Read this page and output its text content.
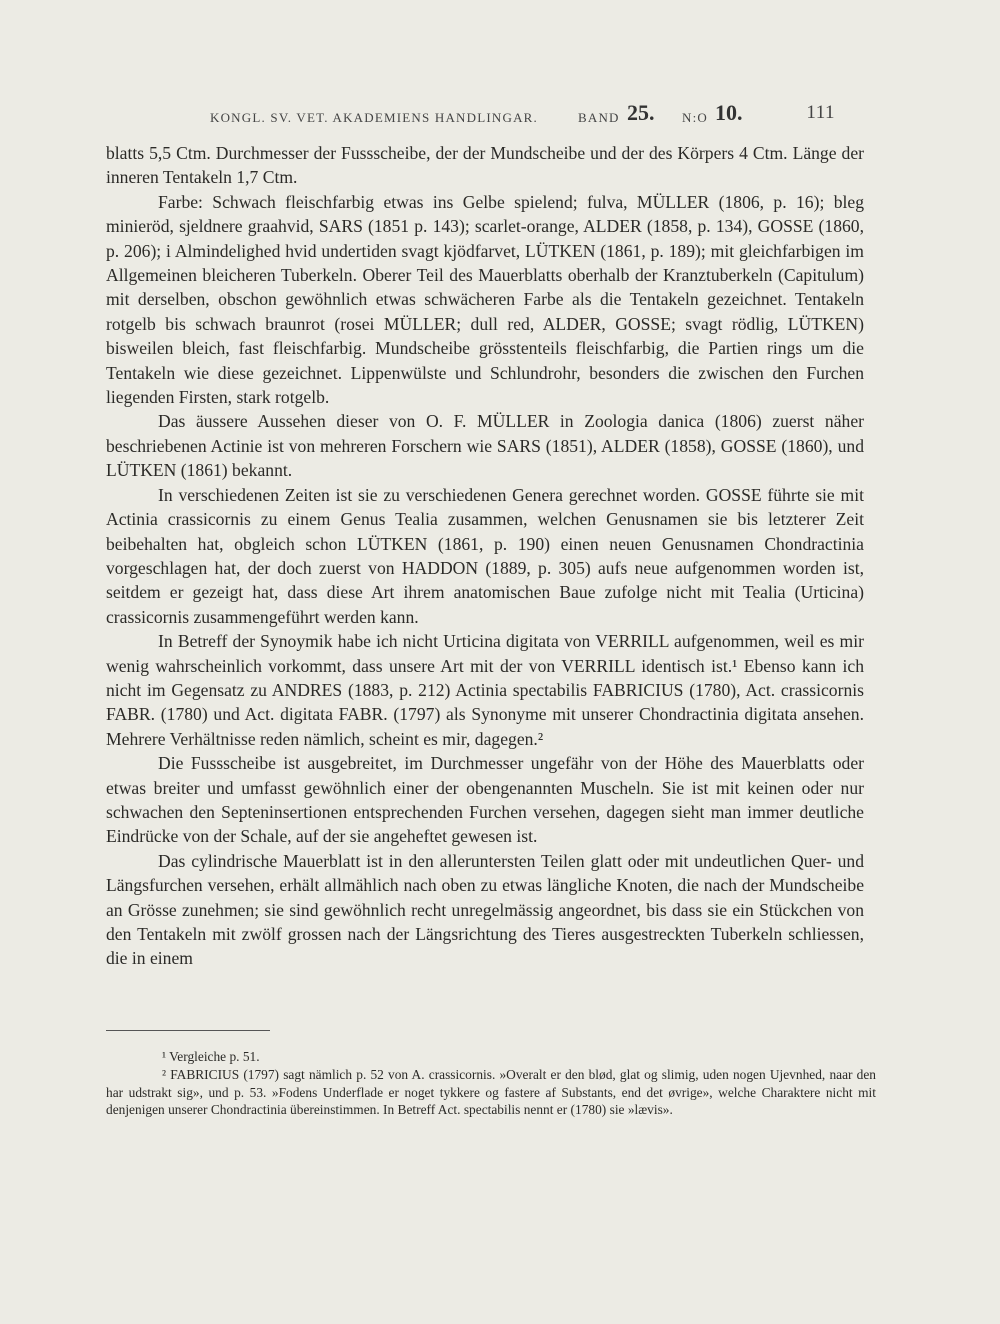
KONGL. SV. VET. AKADEMIENS HANDLINGAR.	BAND 25. N:O 10.	111

blatts 5,5 Ctm. Durchmesser der Fussscheibe, der der Mundscheibe und der des Körpers 4 Ctm. Länge der inneren Tentakeln 1,7 Ctm.

Farbe: Schwach fleischfarbig etwas ins Gelbe spielend; fulva, MÜLLER (1806, p. 16); bleg minieröd, sjeldnere graahvid, SARS (1851 p. 143); scarlet-orange, ALDER (1858, p. 134), GOSSE (1860, p. 206); i Almindelighed hvid undertiden svagt kjödfarvet, LÜTKEN (1861, p. 189); mit gleichfarbigen im Allgemeinen bleicheren Tuberkeln. Oberer Teil des Mauerblatts oberhalb der Kranztuberkeln (Capitulum) mit derselben, obschon gewöhnlich etwas schwächeren Farbe als die Tentakeln gezeichnet. Tentakeln rotgelb bis schwach braunrot (rosei MÜLLER; dull red, ALDER, GOSSE; svagt rödlig, LÜTKEN) bisweilen bleich, fast fleischfarbig. Mundscheibe grösstenteils fleischfarbig, die Partien rings um die Tentakeln wie diese gezeichnet. Lippenwülste und Schlundrohr, besonders die zwischen den Furchen liegenden Firsten, stark rotgelb.

Das äussere Aussehen dieser von O. F. MÜLLER in Zoologia danica (1806) zuerst näher beschriebenen Actinie ist von mehreren Forschern wie SARS (1851), ALDER (1858), GOSSE (1860), und LÜTKEN (1861) bekannt.

In verschiedenen Zeiten ist sie zu verschiedenen Genera gerechnet worden. GOSSE führte sie mit Actinia crassicornis zu einem Genus Tealia zusammen, welchen Genusnamen sie bis letzterer Zeit beibehalten hat, obgleich schon LÜTKEN (1861, p. 190) einen neuen Genusnamen Chondractinia vorgeschlagen hat, der doch zuerst von HADDON (1889, p. 305) aufs neue aufgenommen worden ist, seitdem er gezeigt hat, dass diese Art ihrem anatomischen Baue zufolge nicht mit Tealia (Urticina) crassicornis zusammengeführt werden kann.

In Betreff der Synoymik habe ich nicht Urticina digitata von VERRILL aufgenommen, weil es mir wenig wahrscheinlich vorkommt, dass unsere Art mit der von VERRILL identisch ist.¹ Ebenso kann ich nicht im Gegensatz zu ANDRES (1883, p. 212) Actinia spectabilis FABRICIUS (1780), Act. crassicornis FABR. (1780) und Act. digitata FABR. (1797) als Synonyme mit unserer Chondractinia digitata ansehen. Mehrere Verhältnisse reden nämlich, scheint es mir, dagegen.²

Die Fussscheibe ist ausgebreitet, im Durchmesser ungefähr von der Höhe des Mauerblatts oder etwas breiter und umfasst gewöhnlich einer der obengenannten Muscheln. Sie ist mit keinen oder nur schwachen den Septeninsertionen entsprechenden Furchen versehen, dagegen sieht man immer deutliche Eindrücke von der Schale, auf der sie angeheftet gewesen ist.

Das cylindrische Mauerblatt ist in den alleruntersten Teilen glatt oder mit undeutlichen Quer- und Längsfurchen versehen, erhält allmählich nach oben zu etwas längliche Knoten, die nach der Mundscheibe an Grösse zunehmen; sie sind gewöhnlich recht unregelmässig angeordnet, bis dass sie ein Stückchen von den Tentakeln mit zwölf grossen nach der Längsrichtung des Tieres ausgestreckten Tuberkeln schliessen, die in einem

¹ Vergleiche p. 51.

² FABRICIUS (1797) sagt nämlich p. 52 von A. crassicornis. »Overalt er den blød, glat og slimig, uden nogen Ujevnhed, naar den har udstrakt sig», und p. 53. »Fodens Underflade er noget tykkere og fastere af Substants, end det øvrige», welche Charaktere nicht mit denjenigen unserer Chondractinia übereinstimmen. In Betreff Act. spectabilis nennt er (1780) sie »lævis».
